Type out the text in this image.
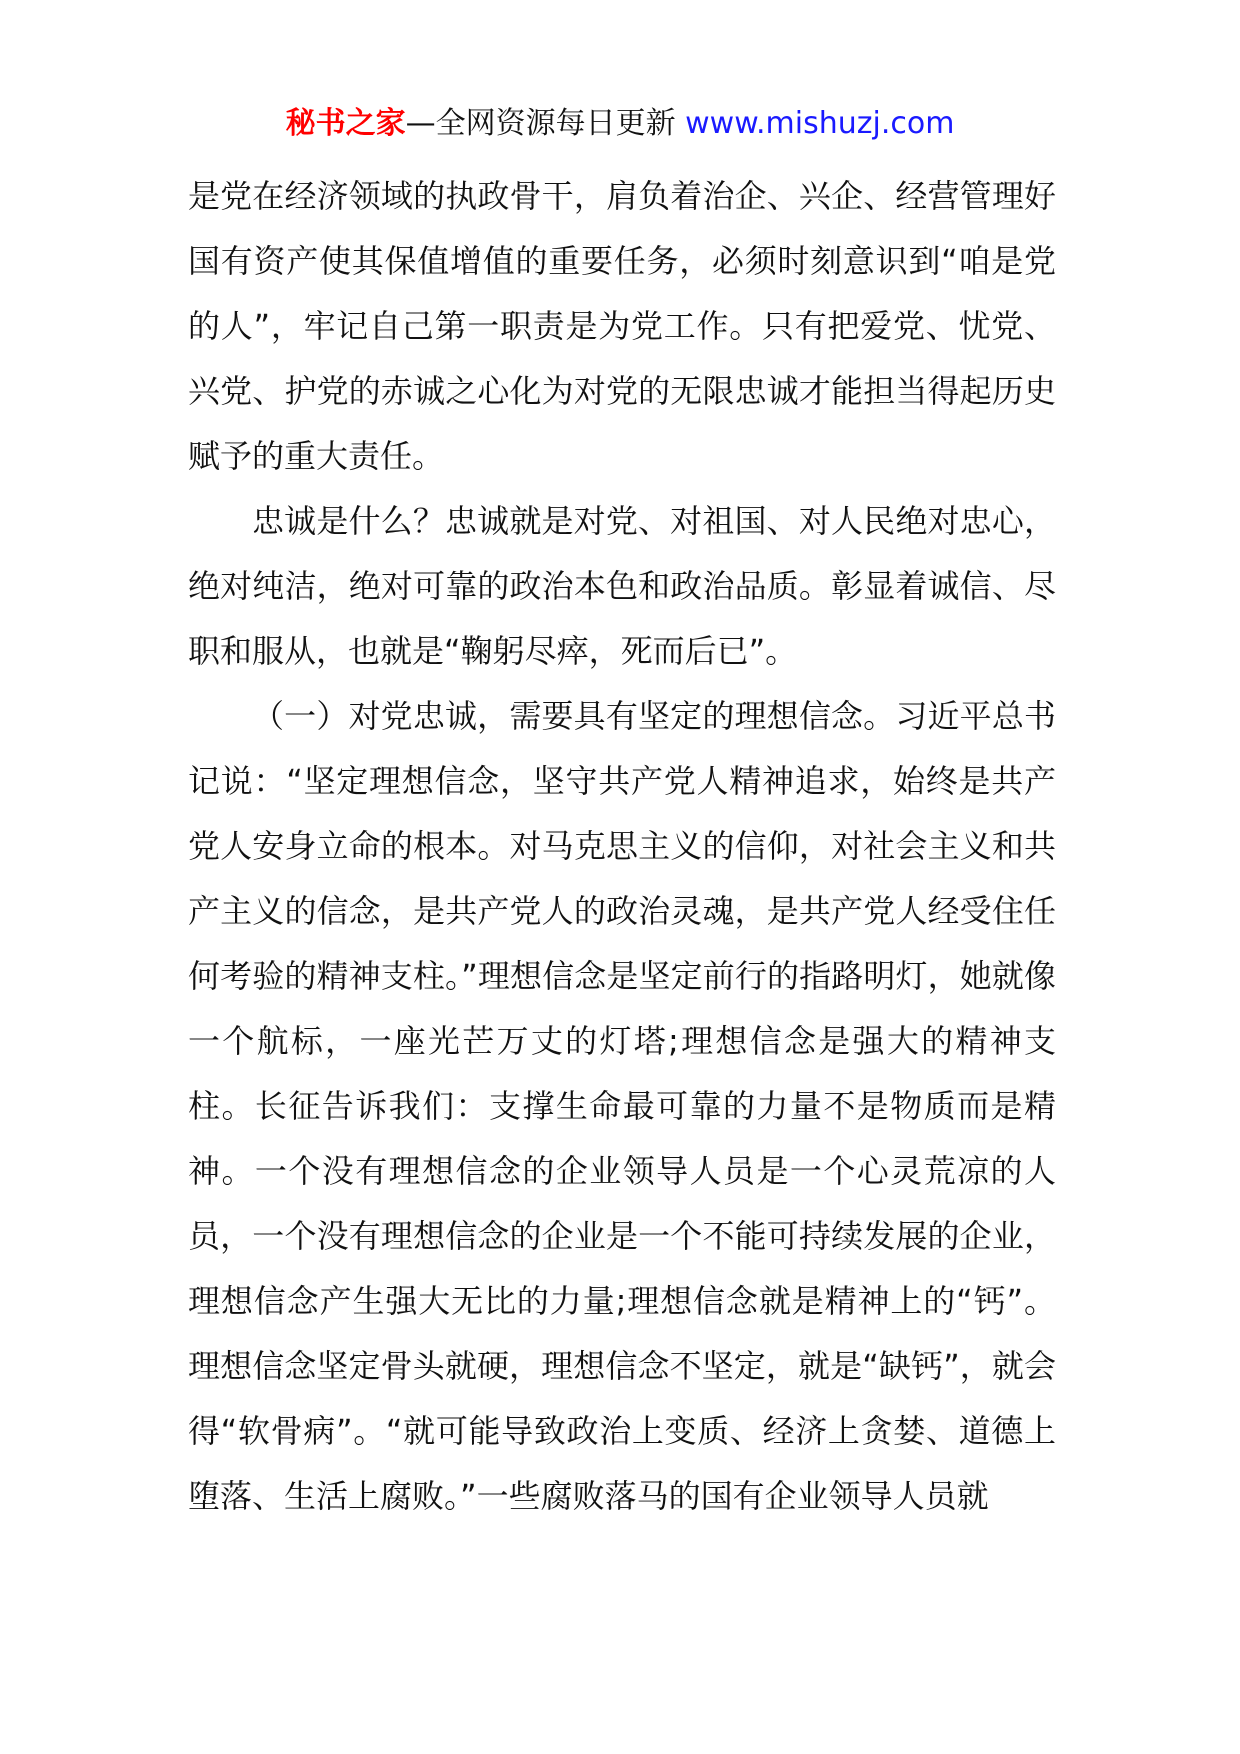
秘书之家—全网资源每日更新 www.mishuzj.com

是党在经济领域的执政骨干，肩负着治企、兴企、经营管理好国有资产使其保值增值的重要任务，必须时刻意识到“咱是党的人”，牢记自己第一职责是为党工作。只有把爱党、忧党、兴党、护党的赤诚之心化为对党的无限忠诚才能担当得起历史赋予的重大责任。

忠诚是什么？忠诚就是对党、对祖国、对人民绝对忠心，绝对纯洁，绝对可靠的政治本色和政治品质。彰显着诚信、尽职和服从，也就是“鞠躬尽瘁，死而后已”。

（一）对党忠诚，需要具有坚定的理想信念。习近平总书记说：“坚定理想信念，坚守共产党人精神追求，始终是共产党人安身立命的根本。对马克思主义的信仰，对社会主义和共产主义的信念，是共产党人的政治灵魂，是共产党人经受住任何考验的精神支柱。”理想信念是坚定前行的指路明灯，她就像一个航标，一座光芒万丈的灯塔;理想信念是强大的精神支柱。长征告诉我们：支撑生命最可靠的力量不是物质而是精神。一个没有理想信念的企业领导人员是一个心灵荒凉的人员，一个没有理想信念的企业是一个不能可持续发展的企业，理想信念产生强大无比的力量;理想信念就是精神上的“钙”。理想信念坚定骨头就硬，理想信念不坚定，就是“缺钙”，就会得“软骨病”。“就可能导致政治上变质、经济上贪婪、道德上堕落、生活上腐败。”一些腐败落马的国有企业领导人员就
